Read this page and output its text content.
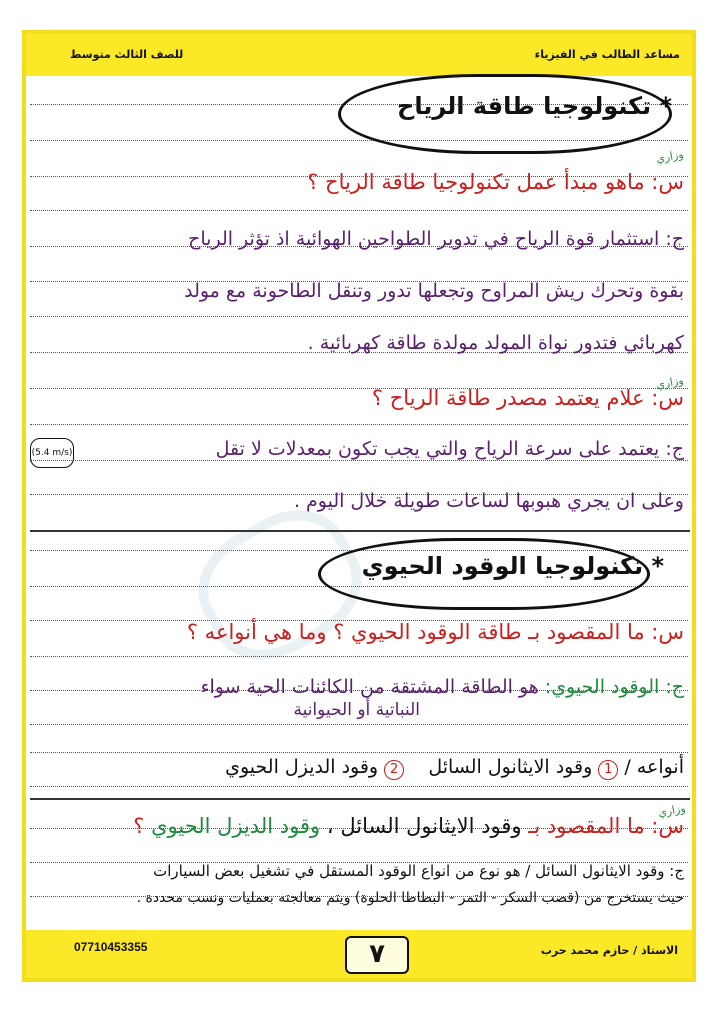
مساعد الطالب في الفيزياء
للصف الثالث متوسط
* تكنولوجيا طاقة الرياح
وزاري
س: ماهو مبدأ عمل تكنولوجيا طاقة الرياح ؟
ج: استثمار قوة الرياح في تدوير الطواحين الهوائية اذ تؤثر الرياح
بقوة وتحرك ريش المراوح وتجعلها تدور وتنقل الطاحونة مع مولد
كهربائي فتدور نواة المولد مولدة طاقة كهربائية .
وزاري
س: علام يعتمد مصدر طاقة الرياح ؟
ج: يعتمد على سرعة الرياح والتي يجب تكون بمعدلات لا تقل
(5.4 m/s)
وعلى ان يجري هبوبها لساعات طويلة خلال اليوم .
* تكنولوجيا الوقود الحيوي
س: ما المقصود بـ طاقة الوقود الحيوي ؟ وما هي أنواعه ؟
ج: الوقود الحيوي: هو الطاقة المشتقة من الكائنات الحية سواء
النباتية أو الحيوانية
أنواعه / 1 وقود الايثانول السائل    2 وقود الديزل الحيوي
وزاري
س: ما المقصود بـ وقود الايثانول السائل ، وقود الديزل الحيوي ؟
ج: وقود الايثانول السائل / هو نوع من انواع الوقود المستقل في تشغيل بعض السيارات
حيث يستخرج من (قصب السكر - التمر - البطاطا الحلوة) ويتم معالجته بعمليات ونسب محددة .
الاستاذ / حازم محمد حرب
07710453355	٧
